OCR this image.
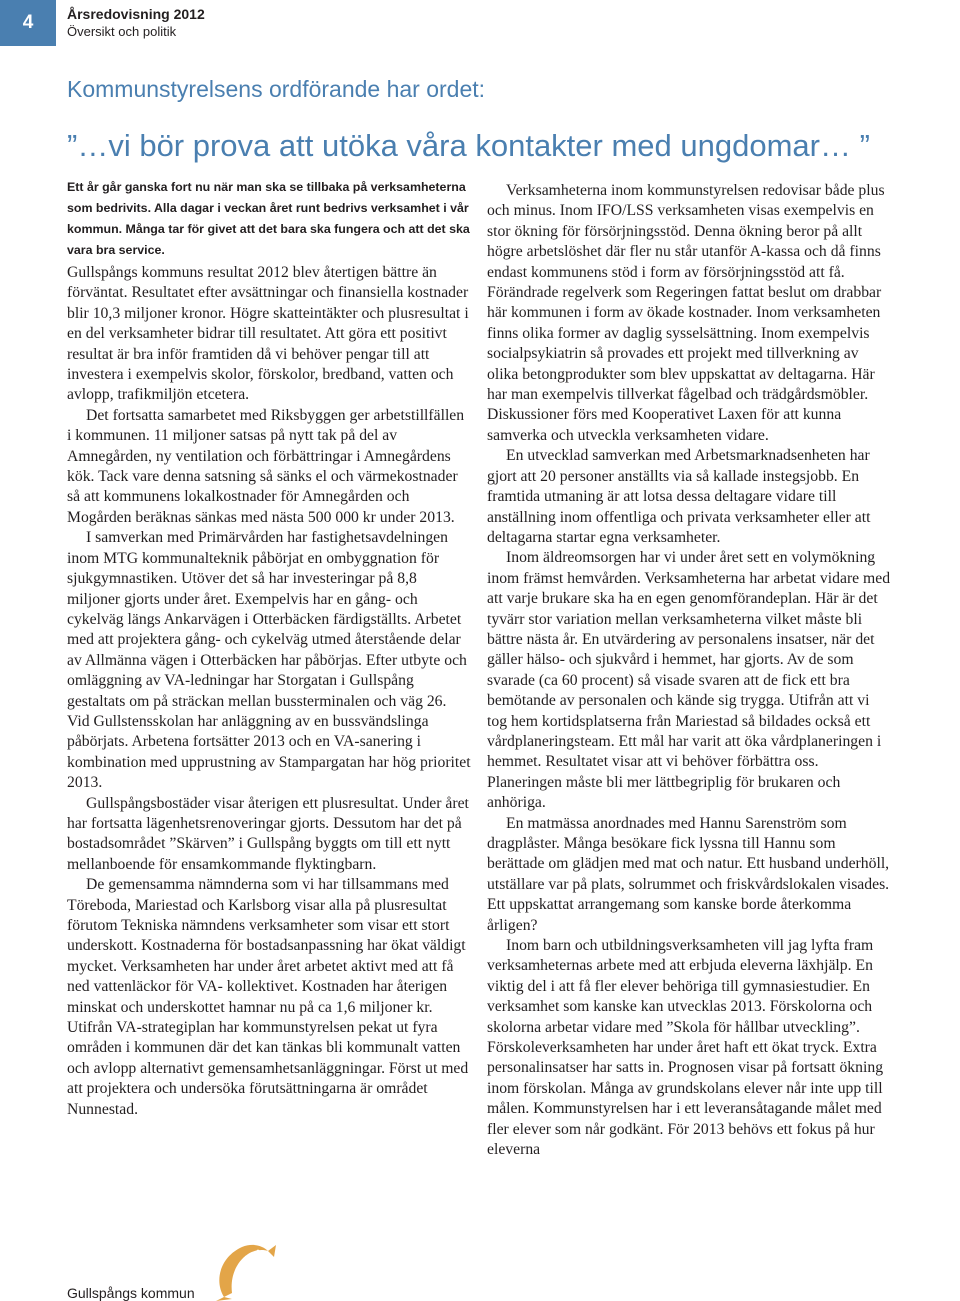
4	Årsredovisning 2012
Översikt och politik
Kommunstyrelsens ordförande har ordet:
”…vi bör prova att utöka våra kontakter med ungdomar… ”

Ett år går ganska fort nu när man ska se tillbaka på verksamheterna som bedrivits. Alla dagar i veckan året runt bedrivs verksamhet i vår kommun. Många tar för givet att det bara ska fungera och att det ska vara bra service.

Gullspångs kommuns resultat 2012 blev återtigen bättre än förväntat. Resultatet efter avsättningar och finansiella kostnader blir 10,3 miljoner kronor. Högre skatteintäkter och plusresultat i en del verksamheter bidrar till resultatet. Att göra ett positivt resultat är bra inför framtiden då vi behöver pengar till att investera i exempelvis skolor, förskolor, bredband, vatten och avlopp, trafikmiljön etcetera.

Det fortsatta samarbetet med Riksbyggen ger arbetstillfällen i kommunen. 11 miljoner satsas på nytt tak på del av Amnegården, ny ventilation och förbättringar i Amnegårdens kök. Tack vare denna satsning så sänks el och värmekostnader så att kommunens lokalkostnader för Amnegården och Mogården beräknas sänkas med nästa 500 000 kr under 2013.

I samverkan med Primärvården har fastighetsavdelningen inom MTG kommunalteknik påbörjat en ombyggnation för sjukgymnastiken. Utöver det så har investeringar på 8,8 miljoner gjorts under året. Exempelvis har en gång- och cykelväg längs Ankarvägen i Otterbäcken färdigställts. Arbetet med att projektera gång- och cykelväg utmed återstående delar av Allmänna vägen i Otterbäcken har påbörjas. Efter utbyte och omläggning av VA-ledningar har Storgatan i Gullspång gestaltats om på sträckan mellan bussterminalen och väg 26. Vid Gullstensskolan har anläggning av en bussvändslinga påbörjats. Arbetena fortsätter 2013 och en VA-sanering i kombination med upprustning av Stampargatan har hög prioritet 2013.

Gullspångsbostäder visar återigen ett plusresultat. Under året har fortsatta lägenhetsrenoveringar gjorts. Dessutom har det på bostadsområdet ”Skärven” i Gullspång byggts om till ett nytt mellanboende för ensamkommande flyktingbarn.

De gemensamma nämnderna som vi har tillsammans med Töreboda, Mariestad och Karlsborg visar alla på plusresultat förutom Tekniska nämndens verksamheter som visar ett stort underskott. Kostnaderna för bostadsanpassning har ökat väldigt mycket. Verksamheten har under året arbetet aktivt med att få ned vattenläckor för VA- kollektivet. Kostnaden har återigen minskat och underskottet hamnar nu på ca 1,6 miljoner kr. Utifrån VA-strategiplan har kommunstyrelsen pekat ut fyra områden i kommunen där det kan tänkas bli kommunalt vatten och avlopp alternativt gemensamhetsanläggningar. Först ut med att projektera och undersöka förutsättningarna är området Nunnestad.

Verksamheterna inom kommunstyrelsen redovisar både plus och minus. Inom IFO/LSS verksamheten visas exempelvis en stor ökning för försörjningsstöd. Denna ökning beror på allt högre arbetslöshet där fler nu står utanför A-kassa och då finns endast kommunens stöd i form av försörjningsstöd att få. Förändrade regelverk som Regeringen fattat beslut om drabbar här kommunen i form av ökade kostnader. Inom verksamheten finns olika former av daglig sysselsättning. Inom exempelvis socialpsykiatrin så provades ett projekt med tillverkning av olika betongprodukter som blev uppskattat av deltagarna. Här har man exempelvis tillverkat fågelbad och trädgårdsmöbler. Diskussioner förs med Kooperativet Laxen för att kunna samverka och utveckla verksamheten vidare.

En utvecklad samverkan med Arbetsmarknadsenheten har gjort att 20 personer anställts via så kallade instegsjobb. En framtida utmaning är att lotsa dessa deltagare vidare till anställning inom offentliga och privata verksamheter eller att deltagarna startar egna verksamheter.

Inom äldreomsorgen har vi under året sett en volymökning inom främst hemvården. Verksamheterna har arbetat vidare med att varje brukare ska ha en egen genomförandeplan. Här är det tyvärr stor variation mellan verksamheterna vilket måste bli bättre nästa år. En utvärdering av personalens insatser, när det gäller hälso- och sjukvård i hemmet, har gjorts. Av de som svarade (ca 60 procent) så visade svaren att de fick ett bra bemötande av personalen och kände sig trygga. Utifrån att vi tog hem kortidsplatserna från Mariestad så bildades också ett vårdplaneringsteam. Ett mål har varit att öka vårdplaneringen i hemmet. Resultatet visar att vi behöver förbättra oss. Planeringen måste bli mer lättbegriplig för brukaren och anhöriga.

En matmässa anordnades med Hannu Sarenström som dragplåster. Många besökare fick lyssna till Hannu som berättade om glädjen med mat och natur. Ett husband underhöll, utställare var på plats, solrummet och friskvårdslokalen visades. Ett uppskattat arrangemang som kanske borde återkomma årligen?

Inom barn och utbildningsverksamheten vill jag lyfta fram verksamheternas arbete med att erbjuda eleverna läxhjälp. En viktig del i att få fler elever behöriga till gymnasiestudier. En verksamhet som kanske kan utvecklas 2013. Förskolorna och skolorna arbetar vidare med ”Skola för hållbar utveckling”. Förskoleverksamheten har under året haft ett ökat tryck. Extra personalinsatser har satts in. Prognosen visar på fortsatt ökning inom förskolan. Många av grundskolans elever når inte upp till målen. Kommunstyrelsen har i ett leveransåtagande målet med fler elever som når godkänt. För 2013 behövs ett fokus på hur eleverna

Gullspångs kommun
